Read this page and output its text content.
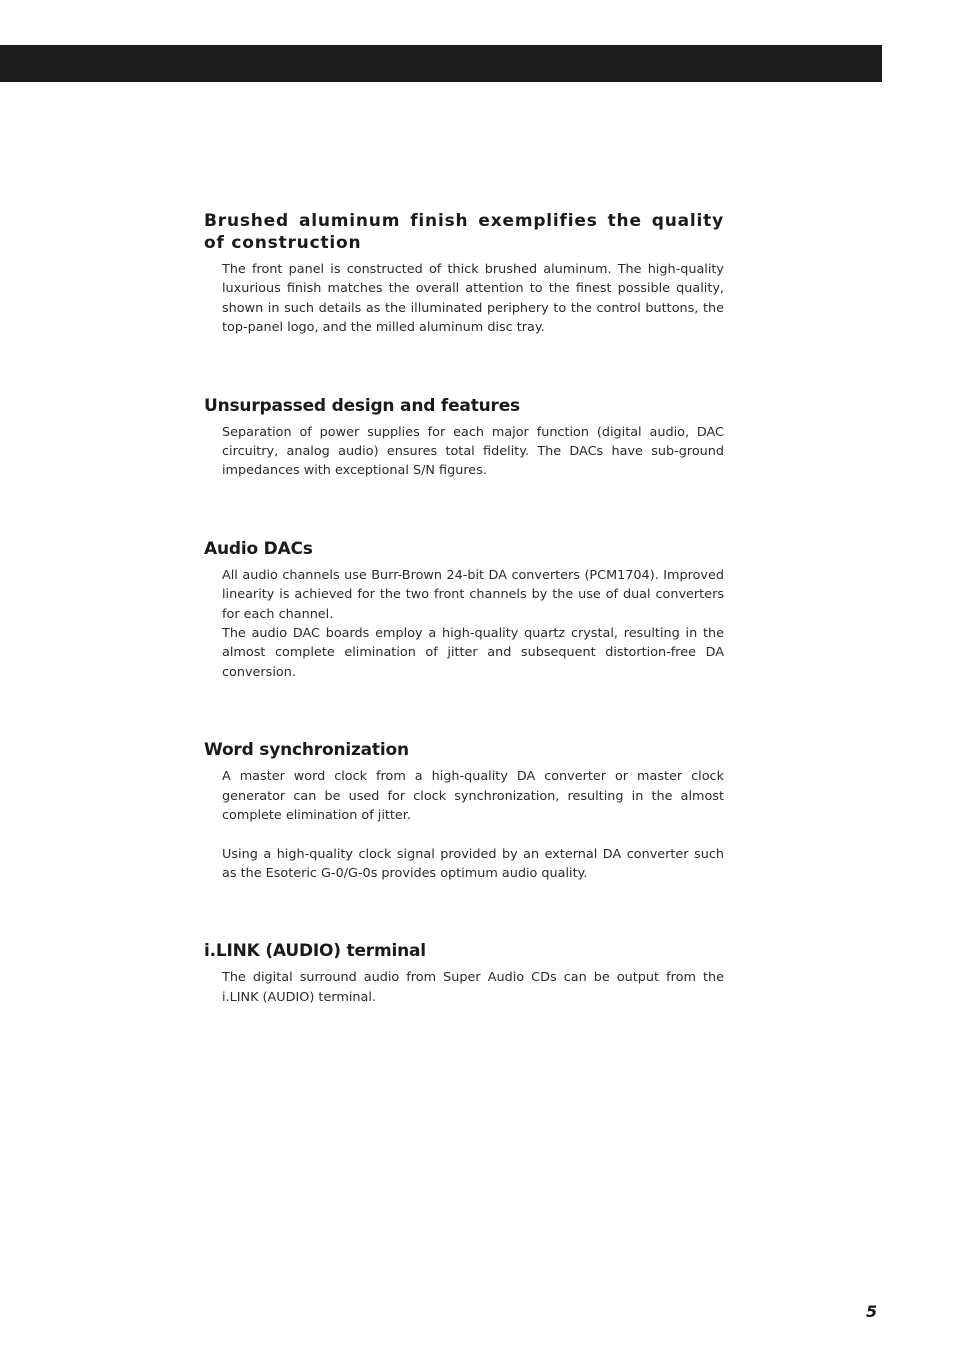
Brushed aluminum finish exemplifies the quality of construction

The front panel is constructed of thick brushed aluminum. The high-quality luxurious finish matches the overall attention to the finest possible quality, shown in such details as the illuminated periphery to the control buttons, the top-panel logo, and the milled aluminum disc tray.

Unsurpassed design and features

Separation of power supplies for each major function (digital audio, DAC circuitry, analog audio) ensures total fidelity. The DACs have sub-ground impedances with exceptional S/N figures.

Audio DACs

All audio channels use Burr-Brown 24-bit DA converters (PCM1704). Improved linearity is achieved for the two front channels by the use of dual converters for each channel.

The audio DAC boards employ a high-quality quartz crystal, resulting in the almost complete elimination of jitter and subsequent distortion-free DA conversion.

Word synchronization

A master word clock from a high-quality DA converter or master clock generator can be used for clock synchronization, resulting in the almost complete elimination of jitter.

Using a high-quality clock signal provided by an external DA converter such as the Esoteric G-0/G-0s provides optimum audio quality.

i.LINK (AUDIO) terminal

The digital surround audio from Super Audio CDs can be output from the i.LINK (AUDIO) terminal.

5
